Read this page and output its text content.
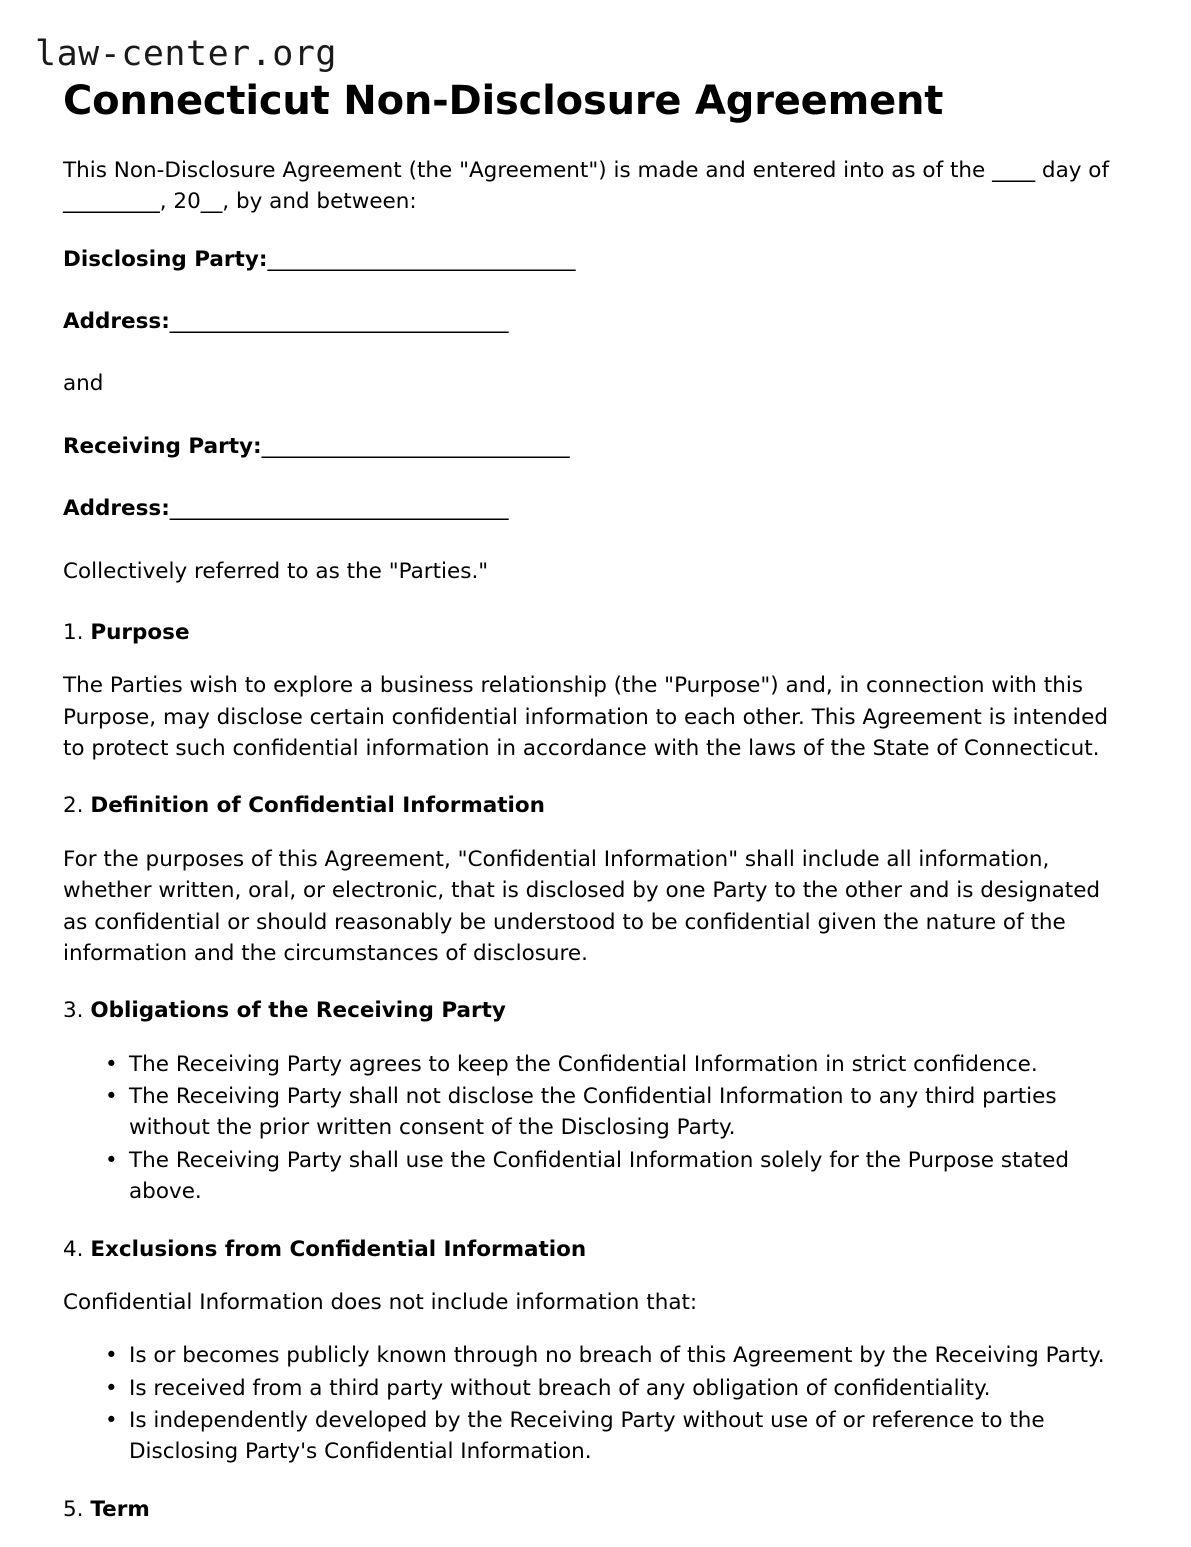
law-center.org
Connecticut Non-Disclosure Agreement

This Non-Disclosure Agreement (the "Agreement") is made and entered into as of the ____ day of _________, 20__, by and between:

Disclosing Party:______________________________
Address:_________________________________

and

Receiving Party:______________________________
Address:_________________________________

Collectively referred to as the "Parties."

1. Purpose

The Parties wish to explore a business relationship (the "Purpose") and, in connection with this Purpose, may disclose certain confidential information to each other. This Agreement is intended to protect such confidential information in accordance with the laws of the State of Connecticut.

2. Definition of Confidential Information

For the purposes of this Agreement, "Confidential Information" shall include all information, whether written, oral, or electronic, that is disclosed by one Party to the other and is designated as confidential or should reasonably be understood to be confidential given the nature of the information and the circumstances of disclosure.

3. Obligations of the Receiving Party
• The Receiving Party agrees to keep the Confidential Information in strict confidence.
• The Receiving Party shall not disclose the Confidential Information to any third parties without the prior written consent of the Disclosing Party.
• The Receiving Party shall use the Confidential Information solely for the Purpose stated above.
4. Exclusions from Confidential Information

Confidential Information does not include information that:

• Is or becomes publicly known through no breach of this Agreement by the Receiving Party.
• Is received from a third party without breach of any obligation of confidentiality.
• Is independently developed by the Receiving Party without use of or reference to the Disclosing Party's Confidential Information.
5. Term
